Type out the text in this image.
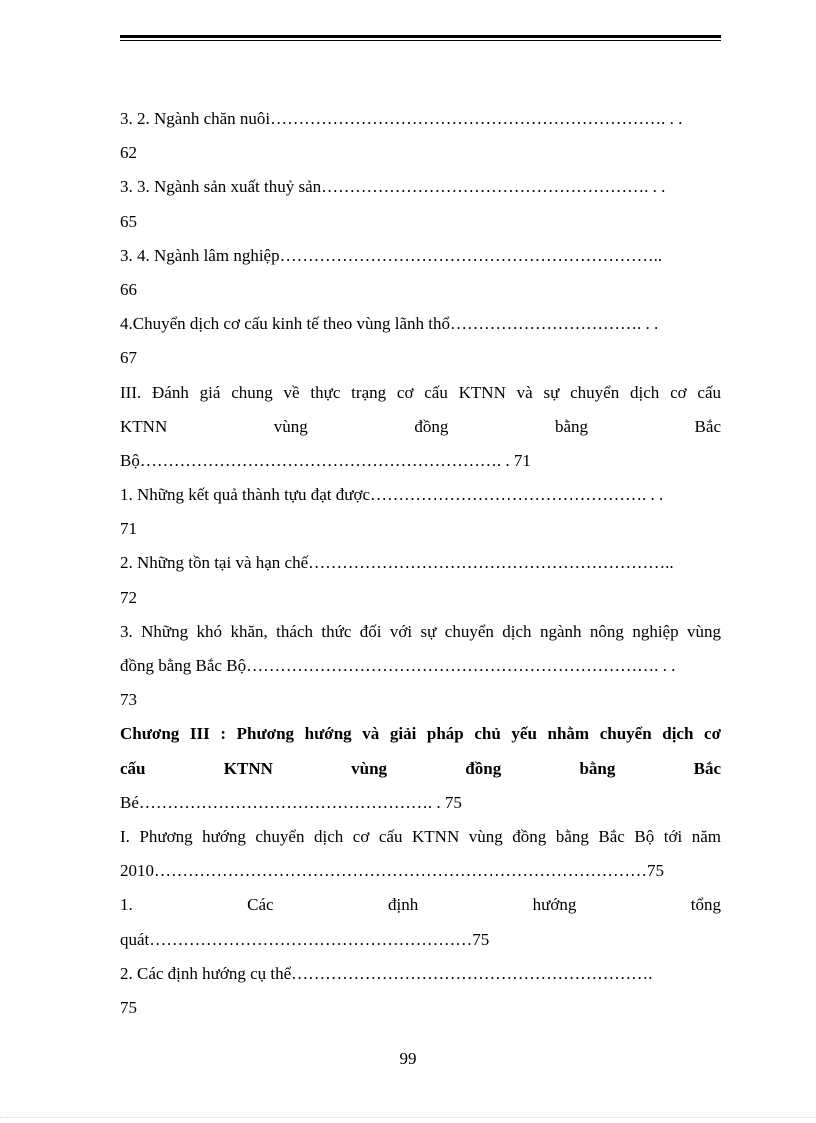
3. 2. Ngành chăn nuôi……………………………………………………………. . .
62
3. 3. Ngành sản xuất thuỷ sản…………………………………………………. . .
65
3. 4. Ngành lâm nghiệp…………………………………………………………..
66
4.Chuyển dịch cơ cấu kinh tế theo vùng lãnh thổ……………………………. . .
67
III. Đánh giá chung về thực trạng cơ cấu KTNN và sự chuyển dịch cơ cấu
KTNN vùng đồng bằng Bắc
Bộ………………………………………………………. . 71
1. Những kết quả thành tựu đạt được…………………………………………. . .
71
2. Những tồn tại và hạn chế………………………………………………………..
72
3. Những khó khăn, thách thức đối với sự chuyển dịch ngành nông nghiệp vùng
đồng bằng Bắc Bộ………………………………………………………………. . .
73
Chương III : Phương hướng và giải pháp chủ yếu nhằm chuyển dịch cơ
cấu KTNN vùng đồng bằng Bắc
Bé……………………………………………. . 75
I. Phương hướng chuyển dịch cơ cấu KTNN vùng đồng bằng Bắc Bộ tới năm
2010……………………………………………………………………………75
1. Các định hướng tổng
quát…………………………………………………75
2. Các định hướng cụ thể……………………………………………………….
75
99
